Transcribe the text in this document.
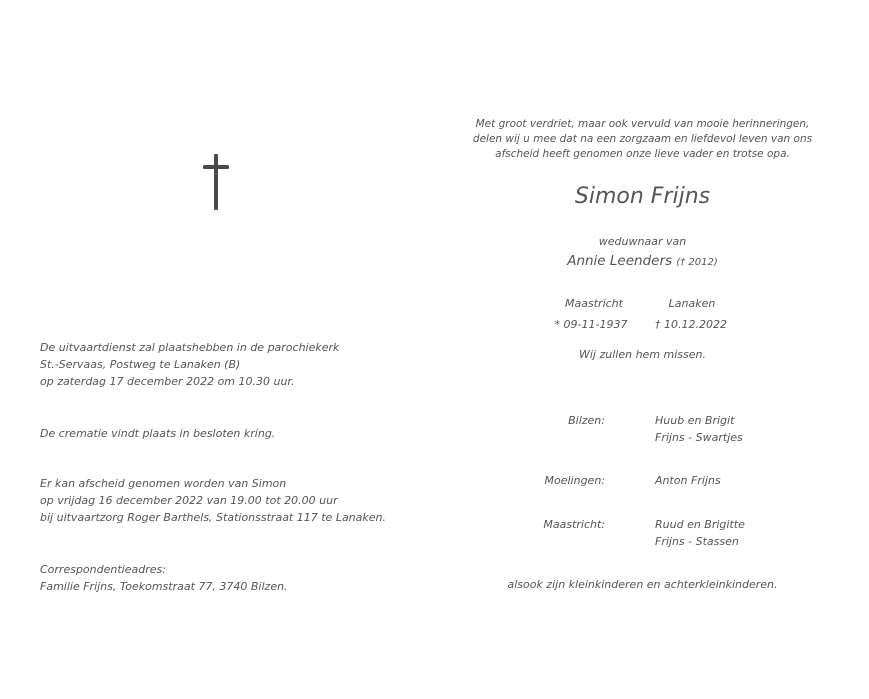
De uitvaartdienst zal plaatshebben in de parochiekerk
St.-Servaas, Postweg te Lanaken (B)
op zaterdag 17 december 2022 om 10.30 uur.
De crematie vindt plaats in besloten kring.
Er kan afscheid genomen worden van Simon
op vrijdag 16 december 2022 van 19.00 tot 20.00 uur
bij uitvaartzorg Roger Barthels, Stationsstraat 117 te Lanaken.
Correspondentieadres:
Familie Frijns, Toekomstraat 77, 3740 Bilzen.
Met groot verdriet, maar ook vervuld van mooie herinneringen,
delen wij u mee dat na een zorgzaam en liefdevol leven van ons
afscheid heeft genomen onze lieve vader en trotse opa.
Simon Frijns
weduwnaar van
Annie Leenders († 2012)
Maastricht	Lanaken
* 09-11-1937	† 10.12.2022
Wij zullen hem missen.
Bilzen:	Huub en Brigit
Frijns - Swartjes
Moelingen:	Anton Frijns
Maastricht:	Ruud en Brigitte
Frijns - Stassen
alsook zijn kleinkinderen en achterkleinkinderen.
